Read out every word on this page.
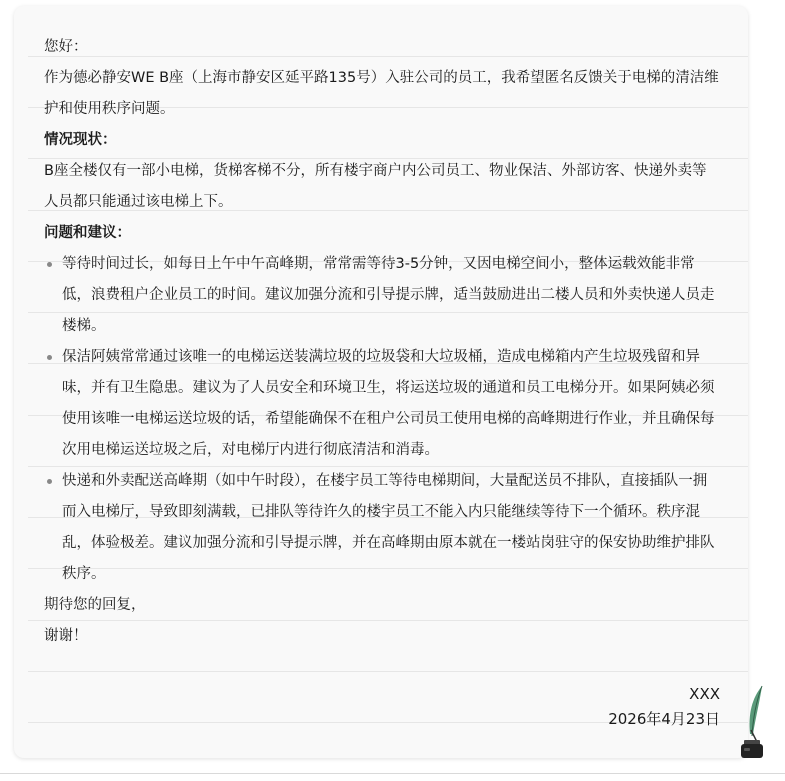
您好：

作为德必静安WE B座（上海市静安区延平路135号）入驻公司的员工，我希望匿名反馈关于电梯的清洁维护和使用秩序问题。

情况现状：

B座全楼仅有一部小电梯，货梯客梯不分，所有楼宇商户内公司员工、物业保洁、外部访客、快递外卖等人员都只能通过该电梯上下。

问题和建议：

等待时间过长，如每日上午中午高峰期，常常需等待3-5分钟，又因电梯空间小，整体运载效能非常低，浪费租户企业员工的时间。建议加强分流和引导提示牌，适当鼓励进出二楼人员和外卖快递人员走楼梯。
保洁阿姨常常通过该唯一的电梯运送装满垃圾的垃圾袋和大垃圾桶，造成电梯箱内产生垃圾残留和异味，并有卫生隐患。建议为了人员安全和环境卫生，将运送垃圾的通道和员工电梯分开。如果阿姨必须使用该唯一电梯运送垃圾的话，希望能确保不在租户公司员工使用电梯的高峰期进行作业，并且确保每次用电梯运送垃圾之后，对电梯厅内进行彻底清洁和消毒。
快递和外卖配送高峰期（如中午时段），在楼宇员工等待电梯期间，大量配送员不排队，直接插队一拥而入电梯厅，导致即刻满载，已排队等待许久的楼宇员工不能入内只能继续等待下一个循环。秩序混乱，体验极差。建议加强分流和引导提示牌，并在高峰期由原本就在一楼站岗驻守的保安协助维护排队秩序。

期待您的回复，

谢谢！

XXX
2026年4月23日
